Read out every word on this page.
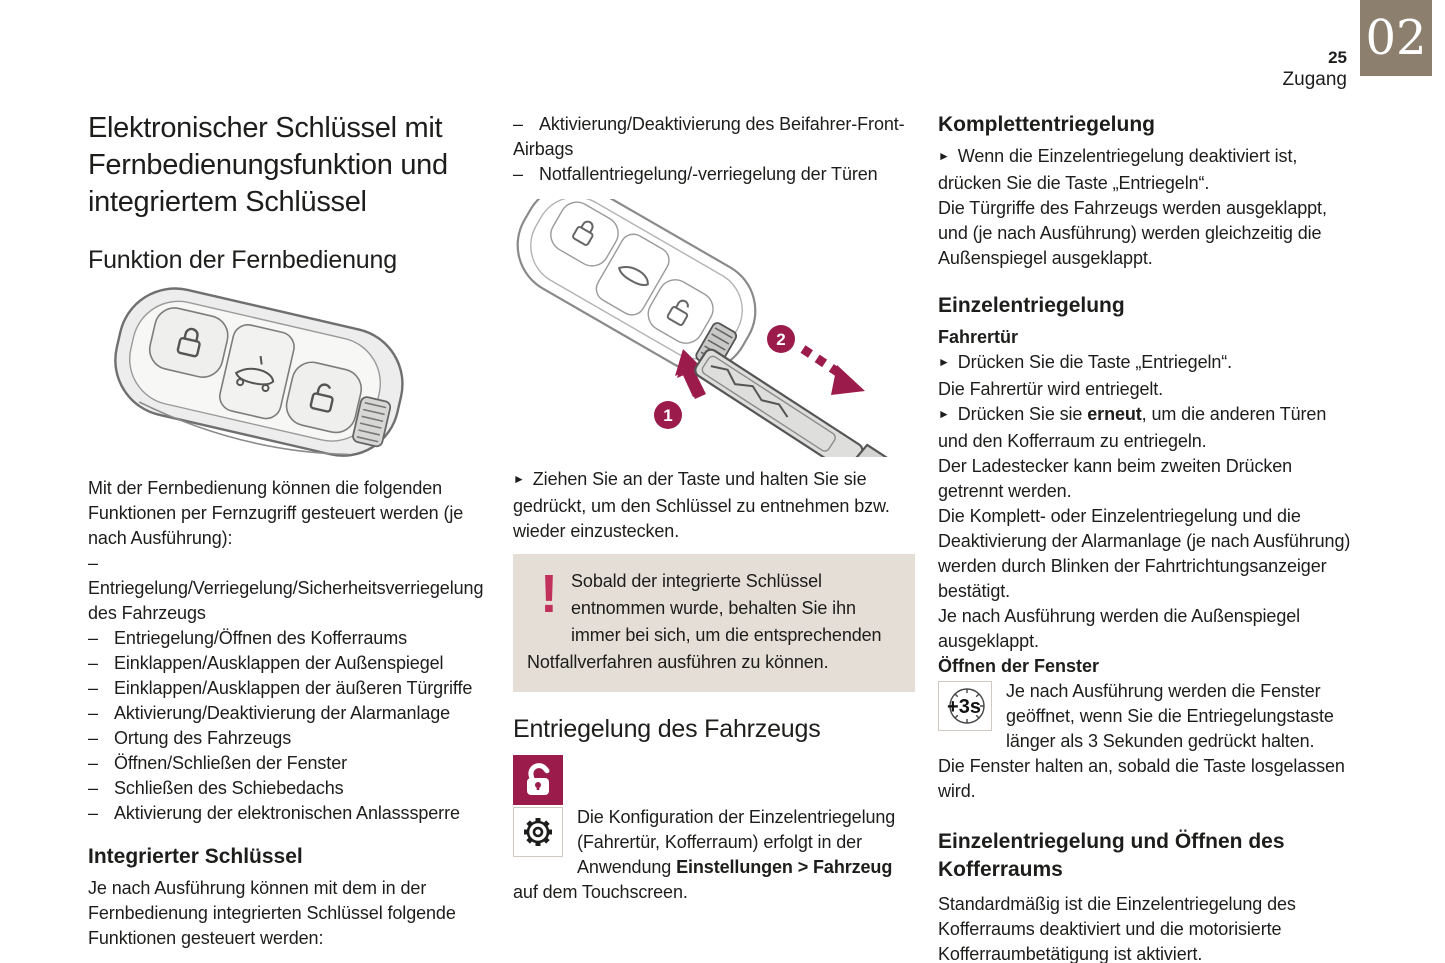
02
25
Zugang
Elektronischer Schlüssel mit Fernbedienungsfunktion und integriertem Schlüssel
Funktion der Fernbedienung

Mit der Fernbedienung können die folgenden Funktionen per Fernzugriff gesteuert werden (je nach Ausführung):

–Entriegelung/Verriegelung/Sicherheitsverriegelung des Fahrzeugs
– Entriegelung/Öffnen des Kofferraums
– Einklappen/Ausklappen der Außenspiegel
– Einklappen/Ausklappen der äußeren Türgriffe
– Aktivierung/Deaktivierung der Alarmanlage
– Ortung des Fahrzeugs
– Öffnen/Schließen der Fenster
– Schließen des Schiebedachs
– Aktivierung der elektronischen Anlasssperre
Integrierter Schlüssel

Je nach Ausführung können mit dem in der Fernbedienung integrierten Schlüssel folgende Funktionen gesteuert werden:

– Aktivierung/Deaktivierung des Beifahrer-Front-Airbags
– Notfallentriegelung/-verriegelung der Türen
1
2

► Ziehen Sie an der Taste und halten Sie sie gedrückt, um den Schlüssel zu entnehmen bzw. wieder einzustecken.

! Sobald der integrierte Schlüssel entnommen wurde, behalten Sie ihn immer bei sich, um die entsprechenden Notfallverfahren ausführen zu können.

Entriegelung des Fahrzeugs

Die Konfiguration der Einzelentriegelung (Fahrertür, Kofferraum) erfolgt in der Anwendung Einstellungen > Fahrzeug auf dem Touchscreen.

Komplettentriegelung

► Wenn die Einzelentriegelung deaktiviert ist, drücken Sie die Taste „Entriegeln“.

Die Türgriffe des Fahrzeugs werden ausgeklappt, und (je nach Ausführung) werden gleichzeitig die Außenspiegel ausgeklappt.

Einzelentriegelung
Fahrertür

► Drücken Sie die Taste „Entriegeln“.

Die Fahrertür wird entriegelt.

► Drücken Sie sie erneut, um die anderen Türen und den Kofferraum zu entriegeln.

Der Ladestecker kann beim zweiten Drücken getrennt werden.

Die Komplett- oder Einzelentriegelung und die Deaktivierung der Alarmanlage (je nach Ausführung) werden durch Blinken der Fahrtrichtungsanzeiger bestätigt.

Je nach Ausführung werden die Außenspiegel ausgeklappt.

Öffnen der Fenster
+3s

Je nach Ausführung werden die Fenster geöffnet, wenn Sie die Entriegelungstaste länger als 3 Sekunden gedrückt halten.

Die Fenster halten an, sobald die Taste losgelassen wird.

Einzelentriegelung und Öffnen des Kofferraums

Standardmäßig ist die Einzelentriegelung des Kofferraums deaktiviert und die motorisierte Kofferraumbetätigung ist aktiviert.
